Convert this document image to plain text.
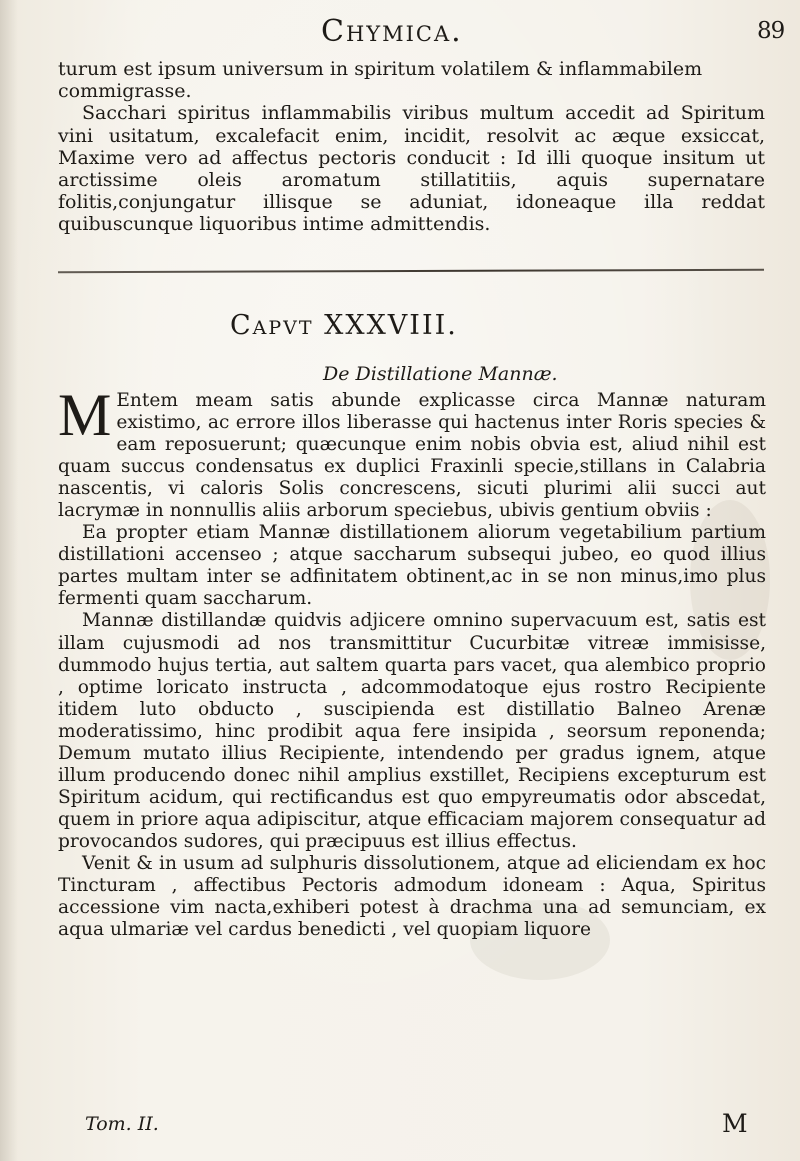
Chymica.	89

turum est ipsum universum in spiritum volatilem & inflammabilem

commigrasse.

Sacchari spiritus inflammabilis viribus multum accedit ad Spiritum vini usitatum, excalefacit enim, incidit, resolvit ac æque exsiccat, Maxime vero ad affectus pectoris conducit : Id illi quoque insitum ut arctissime oleis aromatum stillatitiis, aquis supernatare folitis,conjungatur illisque se aduniat, idoneaque illa reddat quibuscunque liquoribus intime admittendis.

Capvt XXXVIII.
De Distillatione Mannæ.

M Entem meam satis abunde explicasse circa Mannæ naturam existimo, ac errore illos liberasse qui hactenus inter Roris species & eam reposuerunt; quæcunque enim nobis obvia est, aliud nihil est quam succus condensatus ex duplici Fraxinli specie,stillans in Calabria nascentis, vi caloris Solis concrescens, sicuti plurimi alii succi aut lacrymæ in nonnullis aliis arborum speciebus, ubivis gentium obviis :

Ea propter etiam Mannæ distillationem aliorum vegetabilium partium distillationi accenseo ; atque saccharum subsequi jubeo, eo quod illius partes multam inter se adfinitatem obtinent,ac in se non minus,imo plus fermenti quam saccharum.

Mannæ distillandæ quidvis adjicere omnino supervacuum est, satis est illam cujusmodi ad nos transmittitur Cucurbitæ vitreæ immisisse, dummodo hujus tertia, aut saltem quarta pars vacet, qua alembico proprio , optime loricato instructa , adcommodatoque ejus rostro Recipiente itidem luto obducto , suscipienda est distillatio Balneo Arenæ moderatissimo, hinc prodibit aqua fere insipida , seorsum reponenda; Demum mutato illius Recipiente, intendendo per gradus ignem, atque illum producendo donec nihil amplius exstillet, Recipiens excepturum est Spiritum acidum, qui rectificandus est quo empyreumatis odor abscedat, quem in priore aqua adipiscitur, atque efficaciam majorem consequatur ad provocandos sudores, qui præcipuus est illius effectus.

Venit & in usum ad sulphuris dissolutionem, atque ad eliciendam ex hoc Tincturam , affectibus Pectoris admodum idoneam : Aqua, Spiritus accessione vim nacta,exhiberi potest à drachma una ad semunciam, ex aqua ulmariæ vel cardus benedicti , vel quopiam liquore

Tom. II.	M
